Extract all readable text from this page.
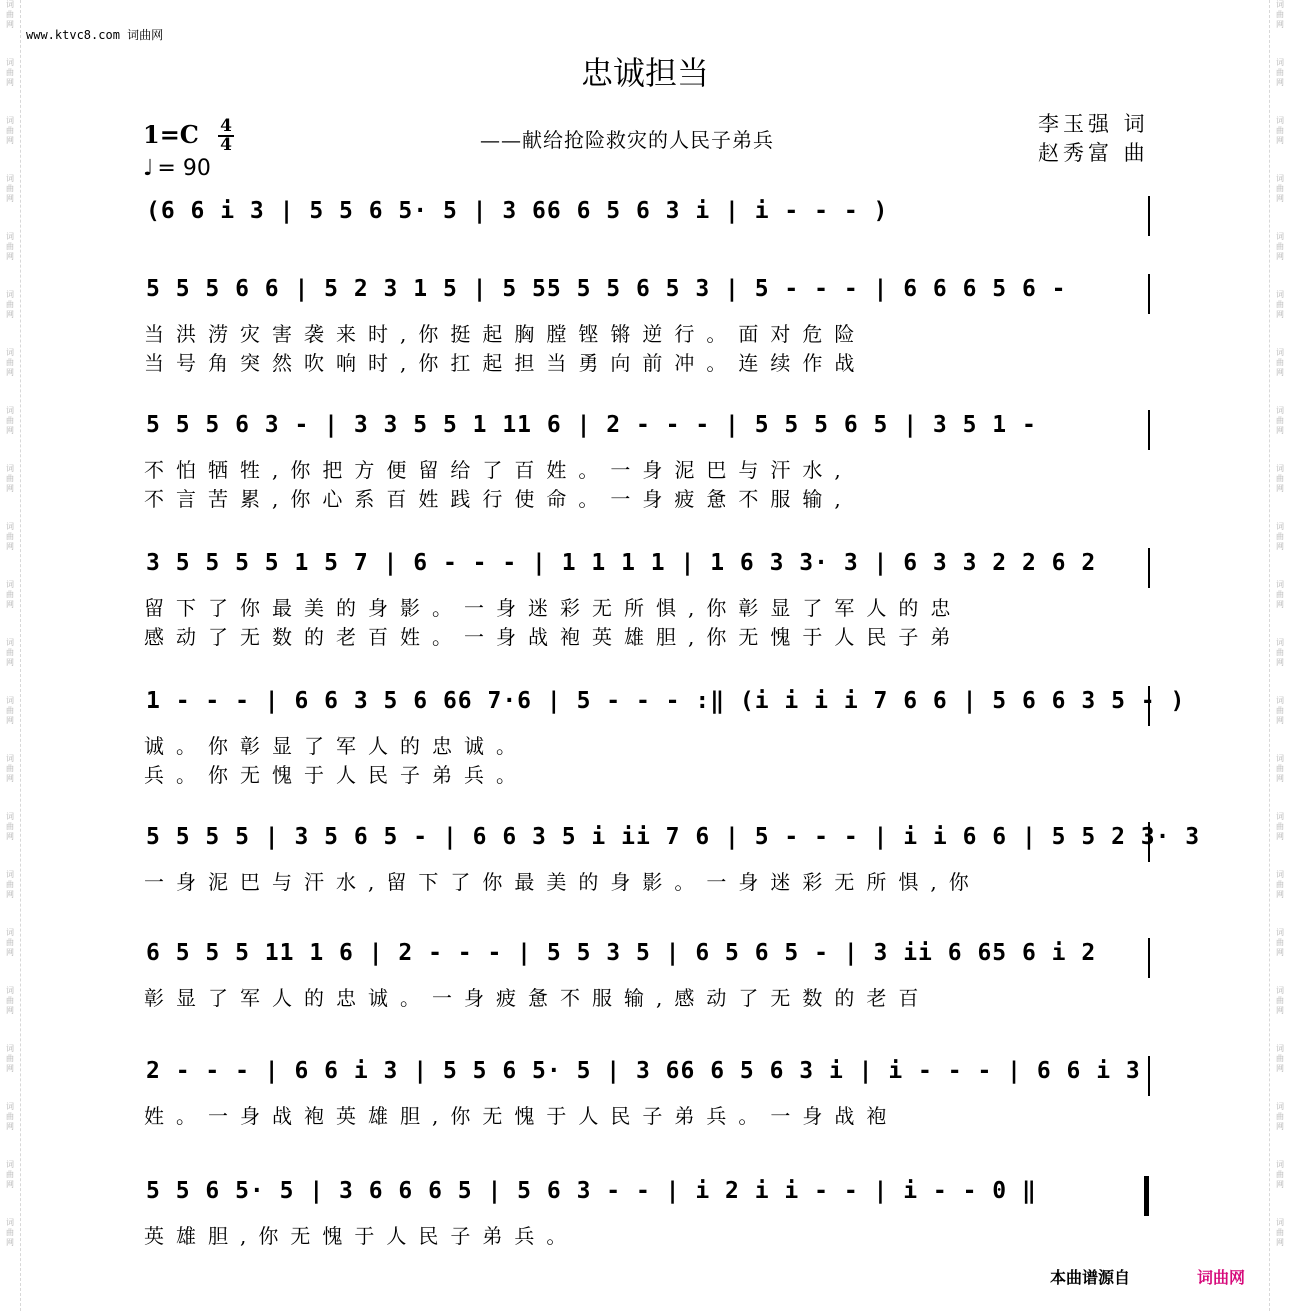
词
曲
网
词
曲
网
词
曲
网
词
曲
网
词
曲
网
词
曲
网
词
曲
网
词
曲
网
词
曲
网
词
曲
网
词
曲
网
词
曲
网
词
曲
网
词
曲
网
词
曲
网
词
曲
网
词
曲
网
词
曲
网
词
曲
网
词
曲
网
词
曲
网
词
曲
网
词
曲
网
词
曲
网
词
曲
网
词
曲
网
词
曲
网
词
曲
网
词
曲
网
词
曲
网
词
曲
网
词
曲
网
词
曲
网
词
曲
网
词
曲
网
词
曲
网
词
曲
网
词
曲
网
词
曲
网
词
曲
网
词
曲
网
词
曲
网
词
曲
网
词
曲
网
www.ktvc8.com 词曲网
忠诚担当
1=C 4
4
♩ = 90
——献给抢险救灾的人民子弟兵
李玉强 词
赵秀富 曲
(6 6 i 3 | 5 5 6 5· 5 | 3 66 6 5 6 3 i | i - - - )
5 5 5 6 6 | 5 2 3 1 5 | 5 55 5 5 6 5 3 | 5 - - - | 6 6 6 5 6 -
当洪涝灾害袭来时,你挺起胸膛铿锵逆行。面对危险
当号角突然吹响时,你扛起担当勇向前冲。连续作战
5 5 5 6 3 - | 3 3 5 5 1 11 6 | 2 - - - | 5 5 5 6 5 | 3 5 1 -
不怕牺牲,你把方便留给了百姓。一身泥巴与汗水,
不言苦累,你心系百姓践行使命。一身疲惫不服输,
3 5 5 5 5 1 5 7 | 6 - - - | 1 1 1 1 | 1 6 3 3· 3 | 6 3 3 2 2 6 2
留下了你最美的身影。一身迷彩无所惧,你彰显了军人的忠
感动了无数的老百姓。一身战袍英雄胆,你无愧于人民子弟
1 - - - | 6 6 3 5 6 66 7·6 | 5 - - - :‖ (i i i i 7 6 6 | 5 6 6 3 5 - )
诚。你彰显了军人的忠诚。
兵。你无愧于人民子弟兵。
5 5 5 5 | 3 5 6 5 - | 6 6 3 5 i ii 7 6 | 5 - - - | i i 6 6 | 5 5 2 3· 3
一身泥巴与汗水,留下了你最美的身影。一身迷彩无所惧,你
6 5 5 5 11 1 6 | 2 - - - | 5 5 3 5 | 6 5 6 5 - | 3 ii 6 65 6 i 2
彰显了军人的忠诚。一身疲惫不服输,感动了无数的老百
2 - - - | 6 6 i 3 | 5 5 6 5· 5 | 3 66 6 5 6 3 i | i - - - | 6 6 i 3
姓。一身战袍英雄胆,你无愧于人民子弟兵。一身战袍
5 5 6 5· 5 | 3 6 6 6 5 | 5 6 3 - - | i 2 i i - - | i - - 0 ‖
英雄胆,你无愧于人民子弟兵。
本曲谱源自	词曲网
